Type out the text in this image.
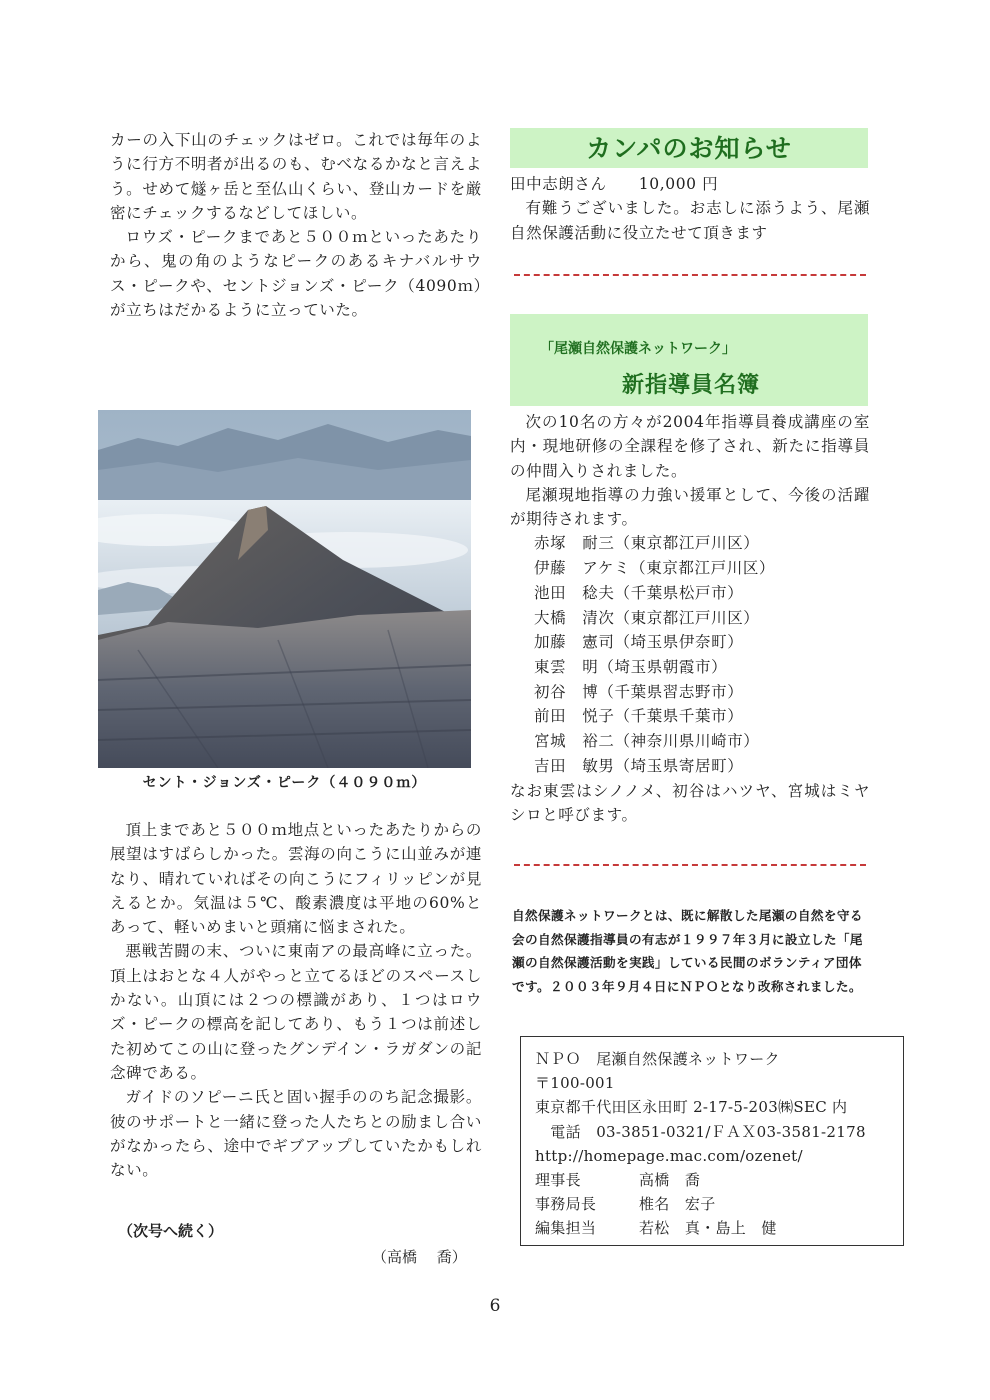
カーの入下山のチェックはゼロ。これでは毎年のように行方不明者が出るのも、むべなるかなと言えよう。せめて燧ヶ岳と至仏山くらい、登山カードを厳密にチェックするなどしてほしい。

ロウズ・ピークまであと５００ｍといったあたりから、鬼の角のようなピークのあるキナバルサウス・ピークや、セントジョンズ・ピーク（4090ｍ）が立ちはだかるように立っていた。

セント・ジョンズ・ピーク（４０９０ｍ）

頂上まであと５００ｍ地点といったあたりからの展望はすばらしかった。雲海の向こうに山並みが連なり、晴れていればその向こうにフィリッピンが見えるとか。気温は５℃、酸素濃度は平地の60%とあって、軽いめまいと頭痛に悩まされた。

悪戦苦闘の末、ついに東南アの最高峰に立った。頂上はおとな４人がやっと立てるほどのスペースしかない。山頂には２つの標識があり、１つはロウズ・ピークの標高を記してあり、もう１つは前述した初めてこの山に登ったグンデイン・ラガダンの記念碑である。

ガイドのソピーニ氏と固い握手ののち記念撮影。彼のサポートと一緒に登った人たちとの励まし合いがなかったら、途中でギブアップしていたかもしれない。

（次号へ続く）
（高橋　 喬）
カンパのお知らせ

田中志朗さん　　10,000 円

有難うございました。お志しに添うよう、尾瀬自然保護活動に役立たせて頂きます

「尾瀬自然保護ネットワーク」
新指導員名簿

次の10名の方々が2004年指導員養成講座の室内・現地研修の全課程を修了され、新たに指導員の仲間入りされました。

尾瀬現地指導の力強い援軍として、今後の活躍が期待されます。

赤塚　耐三（東京都江戸川区）
伊藤　アケミ（東京都江戸川区）
池田　稔夫（千葉県松戸市）
大橋　清次（東京都江戸川区）
加藤　憲司（埼玉県伊奈町）
東雲　明（埼玉県朝霞市）
初谷　博（千葉県習志野市）
前田　悦子（千葉県千葉市）
宮城　裕二（神奈川県川崎市）
吉田　敏男（埼玉県寄居町）

なお東雲はシノノメ、初谷はハツヤ、宮城はミヤシロと呼びます。

自然保護ネットワークとは、既に解散した尾瀬の自然を守る会の自然保護指導員の有志が１９９７年３月に設立した「尾瀬の自然保護活動を実践」している民間のボランティア団体です。２００３年９月４日にＮＰＯとなり改称されました。
ＮＰＯ　尾瀬自然保護ネットワーク
〒100-001
東京都千代田区永田町 2-17-5-203㈱SEC 内
　電話　03-3851-0321/ＦＡＸ03-3581-2178
http://homepage.mac.com/ozenet/
理事長	高橋　喬
事務局長	椎名　宏子
編集担当	若松　真・島上　健
6
